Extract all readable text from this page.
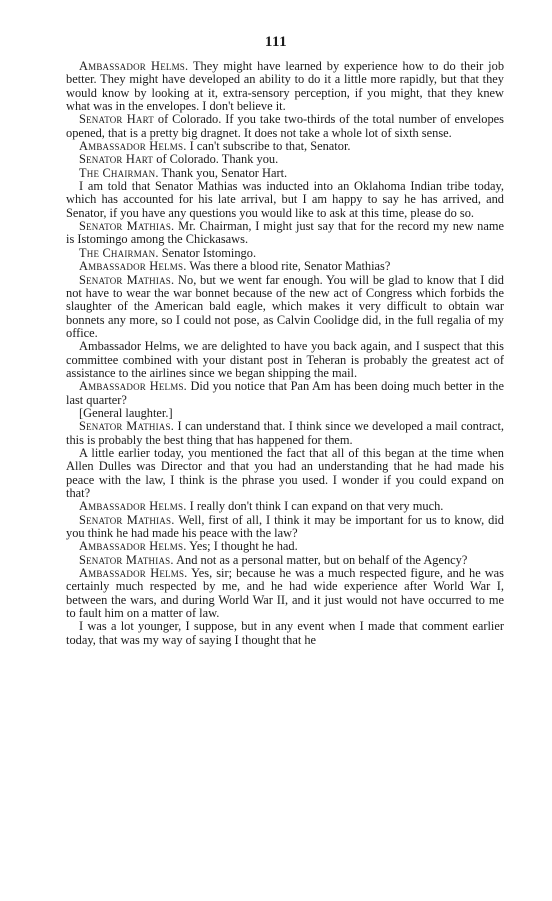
111

Ambassador Helms. They might have learned by experience how to do their job better. They might have developed an ability to do it a little more rapidly, but that they would know by looking at it, extra-sensory perception, if you might, that they knew what was in the envelopes. I don't believe it.

Senator Hart of Colorado. If you take two-thirds of the total number of envelopes opened, that is a pretty big dragnet. It does not take a whole lot of sixth sense.

Ambassador Helms. I can't subscribe to that, Senator.

Senator Hart of Colorado. Thank you.

The Chairman. Thank you, Senator Hart.

I am told that Senator Mathias was inducted into an Oklahoma Indian tribe today, which has accounted for his late arrival, but I am happy to say he has arrived, and Senator, if you have any questions you would like to ask at this time, please do so.

Senator Mathias. Mr. Chairman, I might just say that for the record my new name is Istomingo among the Chickasaws.

The Chairman. Senator Istomingo.

Ambassador Helms. Was there a blood rite, Senator Mathias?

Senator Mathias. No, but we went far enough. You will be glad to know that I did not have to wear the war bonnet because of the new act of Congress which forbids the slaughter of the American bald eagle, which makes it very difficult to obtain war bonnets any more, so I could not pose, as Calvin Coolidge did, in the full regalia of my office.

Ambassador Helms, we are delighted to have you back again, and I suspect that this committee combined with your distant post in Teheran is probably the greatest act of assistance to the airlines since we began shipping the mail.

Ambassador Helms. Did you notice that Pan Am has been doing much better in the last quarter?

[General laughter.]

Senator Mathias. I can understand that. I think since we developed a mail contract, this is probably the best thing that has happened for them.

A little earlier today, you mentioned the fact that all of this began at the time when Allen Dulles was Director and that you had an understanding that he had made his peace with the law, I think is the phrase you used. I wonder if you could expand on that?

Ambassador Helms. I really don't think I can expand on that very much.

Senator Mathias. Well, first of all, I think it may be important for us to know, did you think he had made his peace with the law?

Ambassador Helms. Yes; I thought he had.

Senator Mathias. And not as a personal matter, but on behalf of the Agency?

Ambassador Helms. Yes, sir; because he was a much respected figure, and he was certainly much respected by me, and he had wide experience after World War I, between the wars, and during World War II, and it just would not have occurred to me to fault him on a matter of law.

I was a lot younger, I suppose, but in any event when I made that comment earlier today, that was my way of saying I thought that he
